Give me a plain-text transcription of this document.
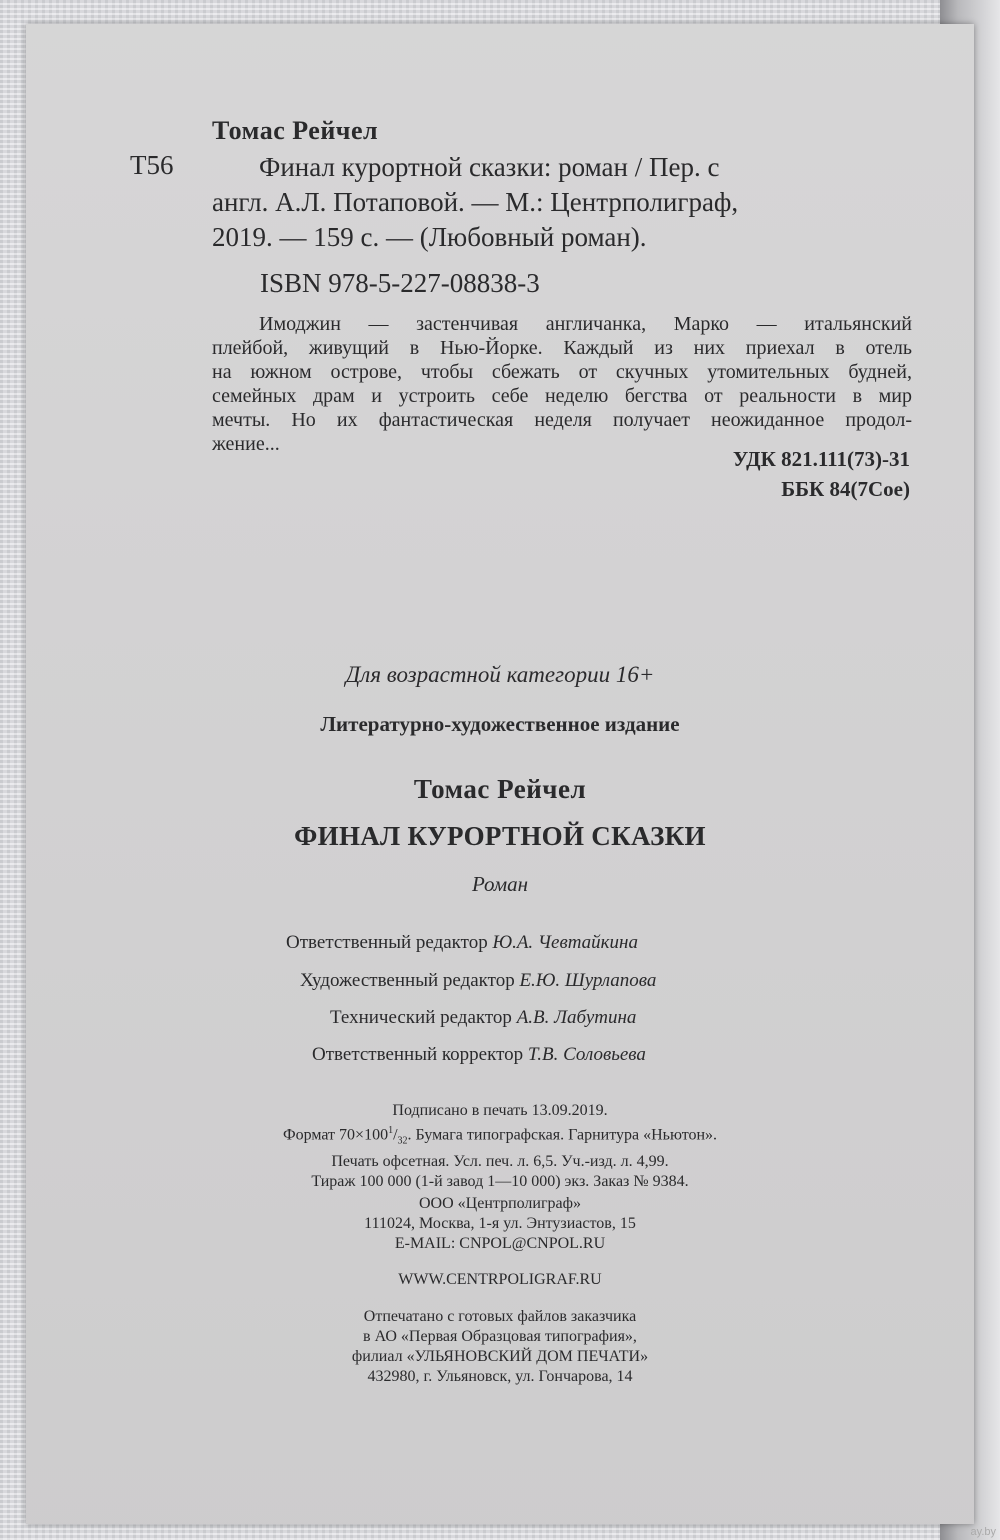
Томас Рейчел
Т56	Финал курортной сказки: роман / Пер. с
англ. А.Л. Потаповой. — М.: Центрполиграф,
2019. — 159 с. — (Любовный роман).
ISBN 978-5-227-08838-3
Имоджин — застенчивая англичанка, Марко — итальянский
плейбой, живущий в Нью-Йорке. Каждый из них приехал в отель
на южном острове, чтобы сбежать от скучных утомительных будней,
семейных драм и устроить себе неделю бегства от реальности в мир
мечты. Но их фантастическая неделя получает неожиданное продол-
жение...
УДК 821.111(73)-31
ББК 84(7Сое)
Для возрастной категории 16+
Литературно-художественное издание
Томас Рейчел
ФИНАЛ КУРОРТНОЙ СКАЗКИ
Роман
Ответственный редактор Ю.А. Чевтайкина
Художественный редактор Е.Ю. Шурлапова
Технический редактор А.В. Лабутина
Ответственный корректор Т.В. Соловьева
Подписано в печать 13.09.2019.
Формат $70\times 100^1/_{32}$. Бумага типографская. Гарнитура «Ньютон».
Печать офсетная. Усл. печ. л. 6,5. Уч.-изд. л. 4,99.
Тираж 100 000 (1-й завод 1—10 000) экз. Заказ № 9384.
ООО «Центрполиграф»
111024, Москва, 1-я ул. Энтузиастов, 15
E-MAIL: CNPOL@CNPOL.RU
WWW.CENTRPOLIGRAF.RU
Отпечатано с готовых файлов заказчика
в АО «Первая Образцовая типография»,
филиал «УЛЬЯНОВСКИЙ ДОМ ПЕЧАТИ»
432980, г. Ульяновск, ул. Гончарова, 14
ay.by
